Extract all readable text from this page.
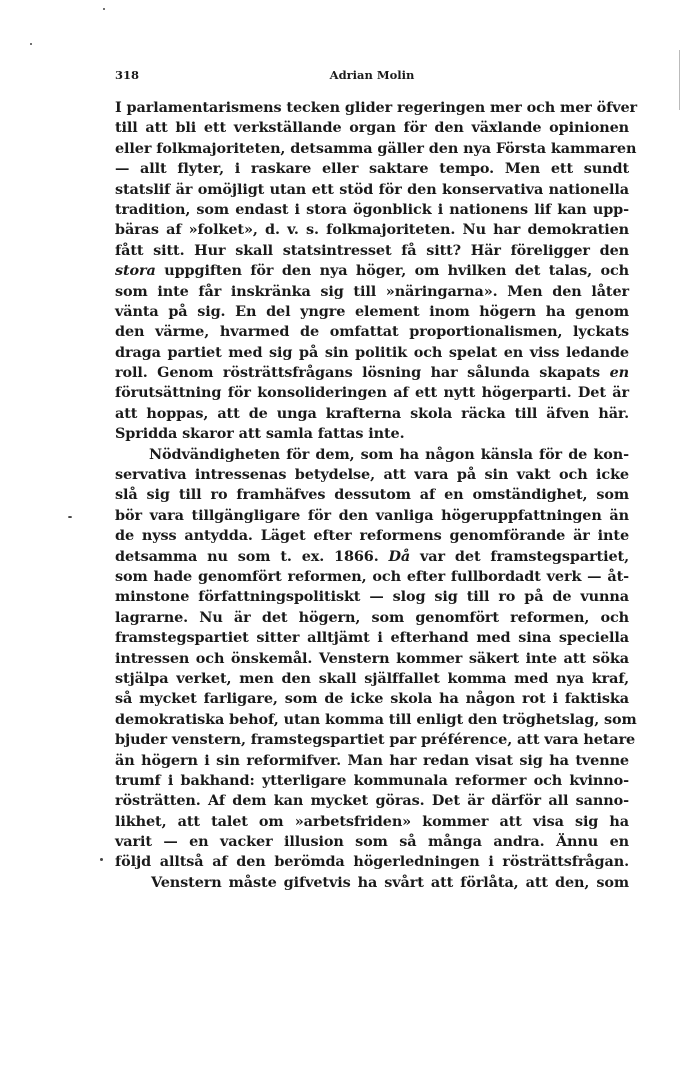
318	Adrian Molin
I parlamentarismens tecken glider regeringen mer och mer öfver
till att bli ett verkställande organ för den växlande opinionen
eller folkmajoriteten, detsamma gäller den nya Första kammaren
— allt flyter, i raskare eller saktare tempo. Men ett sundt
statslif är omöjligt utan ett stöd för den konservativa nationella
tradition, som endast i stora ögonblick i nationens lif kan upp-
bäras af »folket», d. v. s. folkmajoriteten. Nu har demokratien
fått sitt. Hur skall statsintresset få sitt? Här föreligger den
stora uppgiften för den nya höger, om hvilken det talas, och
som inte får inskränka sig till »näringarna». Men den låter
vänta på sig. En del yngre element inom högern ha genom
den värme, hvarmed de omfattat proportionalismen, lyckats
draga partiet med sig på sin politik och spelat en viss ledande
roll. Genom rösträttsfrågans lösning har sålunda skapats en
förutsättning för konsolideringen af ett nytt högerparti. Det är
att hoppas, att de unga krafterna skola räcka till äfven här.
Spridda skaror att samla fattas inte.
Nödvändigheten för dem, som ha någon känsla för de kon-
servativa intressenas betydelse, att vara på sin vakt och icke
slå sig till ro framhäfves dessutom af en omständighet, som
bör vara tillgängligare för den vanliga högeruppfattningen än
de nyss antydda. Läget efter reformens genomförande är inte
detsamma nu som t. ex. 1866. Då var det framstegspartiet,
som hade genomfört reformen, och efter fullbordadt verk — åt-
minstone författningspolitiskt — slog sig till ro på de vunna
lagrarne. Nu är det högern, som genomfört reformen, och
framstegspartiet sitter alltjämt i efterhand med sina speciella
intressen och önskemål. Venstern kommer säkert inte att söka
stjälpa verket, men den skall själffallet komma med nya kraf,
så mycket farligare, som de icke skola ha någon rot i faktiska
demokratiska behof, utan komma till enligt den tröghetslag, som
bjuder venstern, framstegspartiet par préférence, att vara hetare
än högern i sin reformifver. Man har redan visat sig ha tvenne
trumf i bakhand: ytterligare kommunala reformer och kvinno-
rösträtten. Af dem kan mycket göras. Det är därför all sanno-
likhet, att talet om »arbetsfriden» kommer att visa sig ha
varit — en vacker illusion som så många andra. Ännu en
följd alltså af den berömda högerledningen i rösträttsfrågan.
Venstern måste gifvetvis ha svårt att förlåta, att den, som
